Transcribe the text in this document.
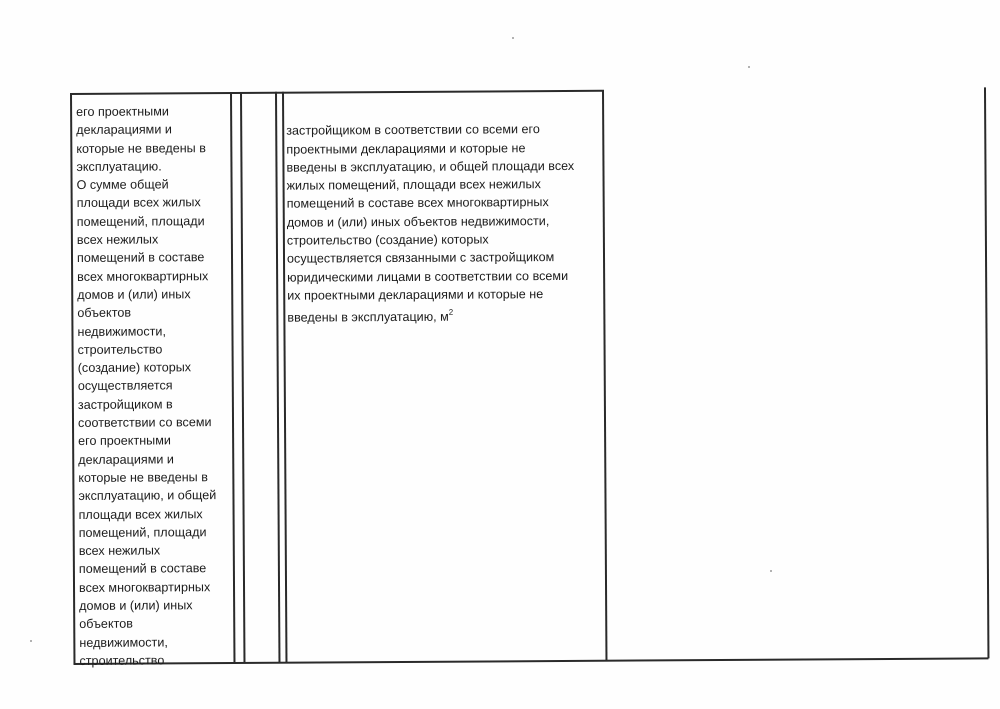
его проектными
декларациями и
которые не введены в
эксплуатацию.
О сумме общей
площади всех жилых
помещений, площади
всех нежилых
помещений в составе
всех многоквартирных
домов и (или) иных
объектов
недвижимости,
строительство
(создание) которых
осуществляется
застройщиком в
соответствии со всеми
его проектными
декларациями и
которые не введены в
эксплуатацию, и общей
площади всех жилых
помещений, площади
всех нежилых
помещений в составе
всех многоквартирных
домов и (или) иных
объектов
недвижимости,
строительство

застройщиком в соответствии со всеми его
проектными декларациями и которые не
введены в эксплуатацию, и общей площади всех
жилых помещений, площади всех нежилых
помещений в составе всех многоквартирных
домов и (или) иных объектов недвижимости,
строительство (создание) которых
осуществляется связанными с застройщиком
юридическими лицами в соответствии со всеми
их проектными декларациями и которые не
введены в эксплуатацию, $м^2$
